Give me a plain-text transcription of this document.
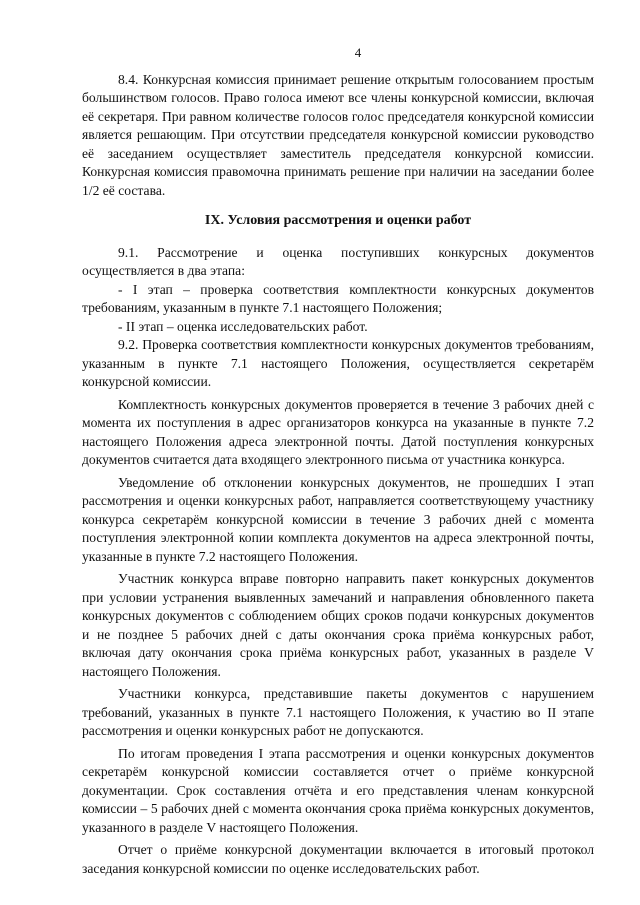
4

8.4. Конкурсная комиссия принимает решение открытым голосованием простым большинством голосов. Право голоса имеют все члены конкурсной комиссии, включая её секретаря. При равном количестве голосов голос председателя конкурсной комиссии является решающим. При отсутствии председателя конкурсной комиссии руководство её заседанием осуществляет заместитель председателя конкурсной комиссии. Конкурсная комиссия правомочна принимать решение при наличии на заседании более 1/2 её состава.

IX. Условия рассмотрения и оценки работ

9.1. Рассмотрение и оценка поступивших конкурсных документов осуществляется в два этапа:

- I этап – проверка соответствия комплектности конкурсных документов требованиям, указанным в пункте 7.1 настоящего Положения;

- II этап – оценка исследовательских работ.

9.2. Проверка соответствия комплектности конкурсных документов требованиям, указанным в пункте 7.1 настоящего Положения, осуществляется секретарём конкурсной комиссии.

Комплектность конкурсных документов проверяется в течение 3 рабочих дней с момента их поступления в адрес организаторов конкурса на указанные в пункте 7.2 настоящего Положения адреса электронной почты. Датой поступления конкурсных документов считается дата входящего электронного письма от участника конкурса.

Уведомление об отклонении конкурсных документов, не прошедших I этап рассмотрения и оценки конкурсных работ, направляется соответствующему участнику конкурса секретарём конкурсной комиссии в течение 3 рабочих дней с момента поступления электронной копии комплекта документов на адреса электронной почты, указанные в пункте 7.2 настоящего Положения.

Участник конкурса вправе повторно направить пакет конкурсных документов при условии устранения выявленных замечаний и направления обновленного пакета конкурсных документов с соблюдением общих сроков подачи конкурсных документов и не позднее 5 рабочих дней с даты окончания срока приёма конкурсных работ, включая дату окончания срока приёма конкурсных работ, указанных в разделе V настоящего Положения.

Участники конкурса, представившие пакеты документов с нарушением требований, указанных в пункте 7.1 настоящего Положения, к участию во II этапе рассмотрения и оценки конкурсных работ не допускаются.

По итогам проведения I этапа рассмотрения и оценки конкурсных документов секретарём конкурсной комиссии составляется отчет о приёме конкурсной документации. Срок составления отчёта и его представления членам конкурсной комиссии – 5 рабочих дней с момента окончания срока приёма конкурсных документов, указанного в разделе V настоящего Положения.

Отчет о приёме конкурсной документации включается в итоговый протокол заседания конкурсной комиссии по оценке исследовательских работ.
